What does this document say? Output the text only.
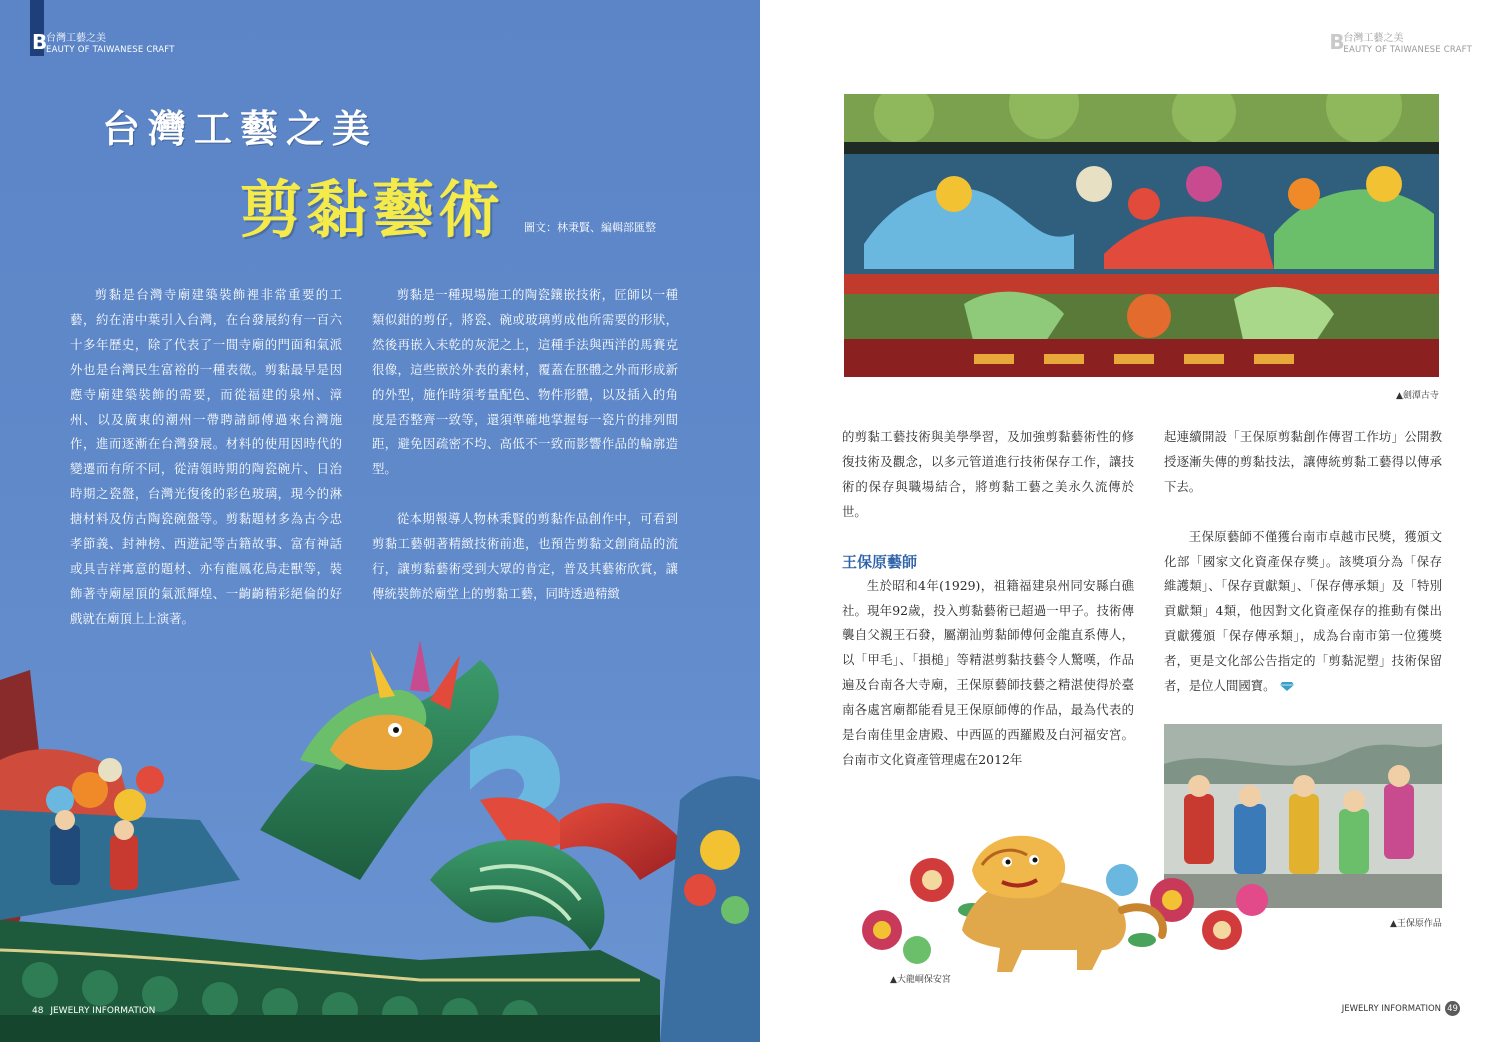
B
台灣工藝之美
EAUTY OF TAIWANESE CRAFT
台灣工藝之美
剪黏藝術 圖文：林秉賢、編輯部匯整

剪黏是台灣寺廟建築裝飾裡非常重要的工藝，約在清中葉引入台灣，在台發展約有一百六十多年歷史，除了代表了一間寺廟的門面和氣派外也是台灣民生富裕的一種表徵。剪黏最早是因應寺廟建築裝飾的需要，而從福建的泉州、漳州、以及廣東的潮州一帶聘請師傅過來台灣施作，進而逐漸在台灣發展。材料的使用因時代的變遷而有所不同，從清領時期的陶瓷碗片、日治時期之瓷盤，台灣光復後的彩色玻璃，現今的淋搪材料及仿古陶瓷碗盤等。剪黏題材多為古今忠孝節義、封神榜、西遊記等古籍故事、富有神話或具吉祥寓意的題材、亦有龍鳳花鳥走獸等，裝飾著寺廟屋頂的氣派輝煌、一齣齣精彩絕倫的好戲就在廟頂上上演著。

剪黏是一種現場施工的陶瓷鑲嵌技術，匠師以一種類似鉗的剪仔，將瓷、碗或玻璃剪成他所需要的形狀，然後再嵌入未乾的灰泥之上，這種手法與西洋的馬賽克很像，這些嵌於外表的素材，覆蓋在胚體之外而形成新的外型，施作時須考量配色、物件形體，以及插入的角度是否整齊一致等，還須準確地掌握每一瓷片的排列間距，避免因疏密不均、高低不一致而影響作品的輪廓造型。

從本期報導人物林秉賢的剪黏作品創作中，可看到剪黏工藝朝著精緻技術前進，也預告剪黏文創商品的流行，讓剪黏藝術受到大眾的肯定，普及其藝術欣賞，讓傳統裝飾於廟堂上的剪黏工藝，同時透過精緻

48 JEWELRY INFORMATION
B
台灣工藝之美
EAUTY OF TAIWANESE CRAFT
▲劍潭古寺

的剪黏工藝技術與美學學習，及加強剪黏藝術性的修復技術及觀念，以多元管道進行技術保存工作，讓技術的保存與職場結合，將剪黏工藝之美永久流傳於世。

王保原藝師

生於昭和4年(1929)，祖籍福建泉州同安縣白礁社。現年92歲，投入剪黏藝術已超過一甲子。技術傳襲自父親王石發，屬潮汕剪黏師傅何金龍直系傳人，以「甲毛」、「損槌」等精湛剪黏技藝令人驚嘆，作品遍及台南各大寺廟，王保原藝師技藝之精湛使得於臺南各處宮廟都能看見王保原師傅的作品，最為代表的是台南佳里金唐殿、中西區的西羅殿及白河福安宮。台南市文化資產管理處在2012年

起連續開設「王保原剪黏創作傳習工作坊」公開教授逐漸失傳的剪黏技法，讓傳統剪黏工藝得以傳承下去。

王保原藝師不僅獲台南市卓越市民獎，獲頒文化部「國家文化資產保存獎」。該獎項分為「保存維護類」、「保存貢獻類」、「保存傳承類」及「特別貢獻類」4類，他因對文化資產保存的推動有傑出貢獻獲頒「保存傳承類」，成為台南市第一位獲獎者，更是文化部公告指定的「剪黏泥塑」技術保留者，是位人間國寶。

▲王保原作品
▲大龍峒保安宮
JEWELRY INFORMATION 49
